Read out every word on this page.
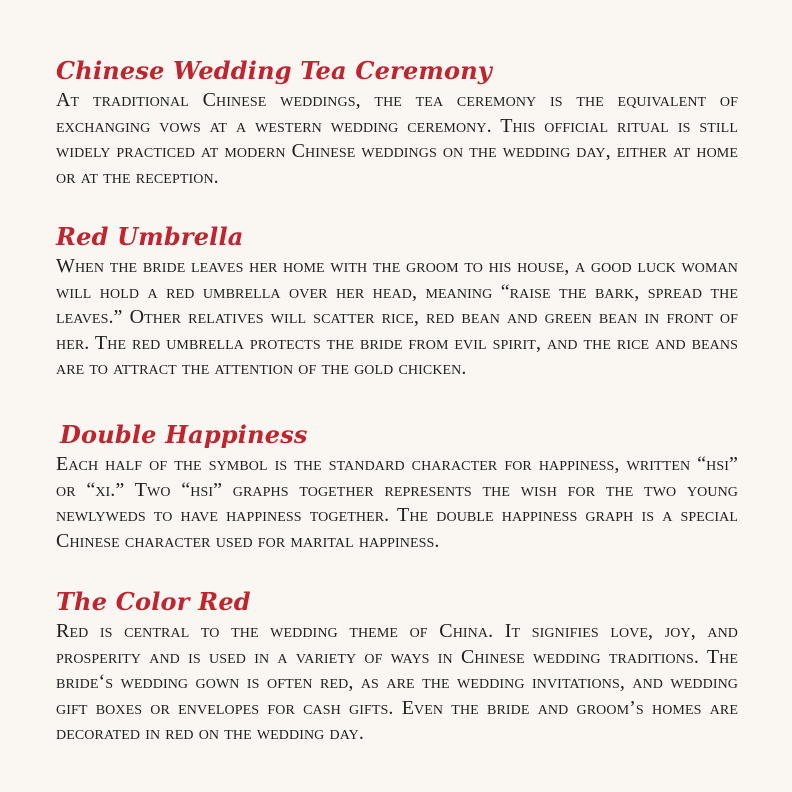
Chinese Wedding Tea Ceremony

At traditional Chinese weddings, the tea ceremony is the equivalent of exchanging vows at a western wedding ceremony. This official ritual is still widely practiced at modern Chinese weddings on the wedding day, either at home or at the reception.

Red Umbrella

When the bride leaves her home with the groom to his house, a good luck woman will hold a red umbrella over her head, meaning “raise the bark, spread the leaves.” Other relatives will scatter rice, red bean and green bean in front of her. The red umbrella protects the bride from evil spirit, and the rice and beans are to attract the attention of the gold chicken.

Double Happiness

Each half of the symbol is the standard character for happiness, written “hsi” or “xi.” Two “hsi” graphs together represents the wish for the two young newlyweds to have happiness together. The double happiness graph is a special Chinese character used for marital happiness.

The Color Red

Red is central to the wedding theme of China. It signifies love, joy, and prosperity and is used in a variety of ways in Chinese wedding traditions. The bride‘s wedding gown is often red, as are the wedding invitations, and wedding gift boxes or envelopes for cash gifts. Even the bride and groom’s homes are decorated in red on the wedding day.
